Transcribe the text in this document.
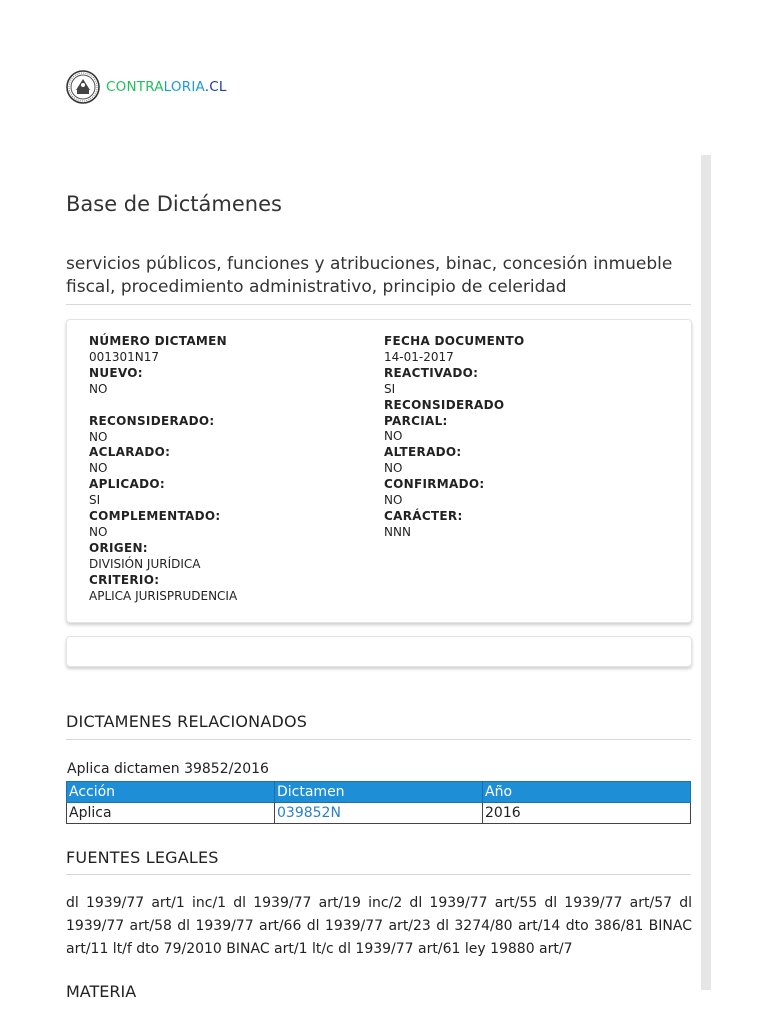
CONTRALORIA.CL
Base de Dictámenes

servicios públicos, funciones y atribuciones, binac, concesión inmueble fiscal, procedimiento administrativo, principio de celeridad

NÚMERO DICTAMEN
001301N17
NUEVO:
NO
RECONSIDERADO:
NO
ACLARADO:
NO
APLICADO:
SI
COMPLEMENTADO:
NO
ORIGEN:
DIVISIÓN JURÍDICA
CRITERIO:
APLICA JURISPRUDENCIA
FECHA DOCUMENTO
14-01-2017
REACTIVADO:
SI
RECONSIDERADO
PARCIAL:
NO
ALTERADO:
NO
CONFIRMADO:
NO
CARÁCTER:
NNN
DICTAMENES RELACIONADOS
Aplica dictamen 39852/2016
Acción	Dictamen	Año
Aplica	039852N	2016
FUENTES LEGALES

dl 1939/77 art/1 inc/1 dl 1939/77 art/19 inc/2 dl 1939/77 art/55 dl 1939/77 art/57 dl 1939/77 art/58 dl 1939/77 art/66 dl 1939/77 art/23 dl 3274/80 art/14 dto 386/81 BINAC art/11 lt/f dto 79/2010 BINAC art/1 lt/c dl 1939/77 art/61 ley 19880 art/7

MATERIA
